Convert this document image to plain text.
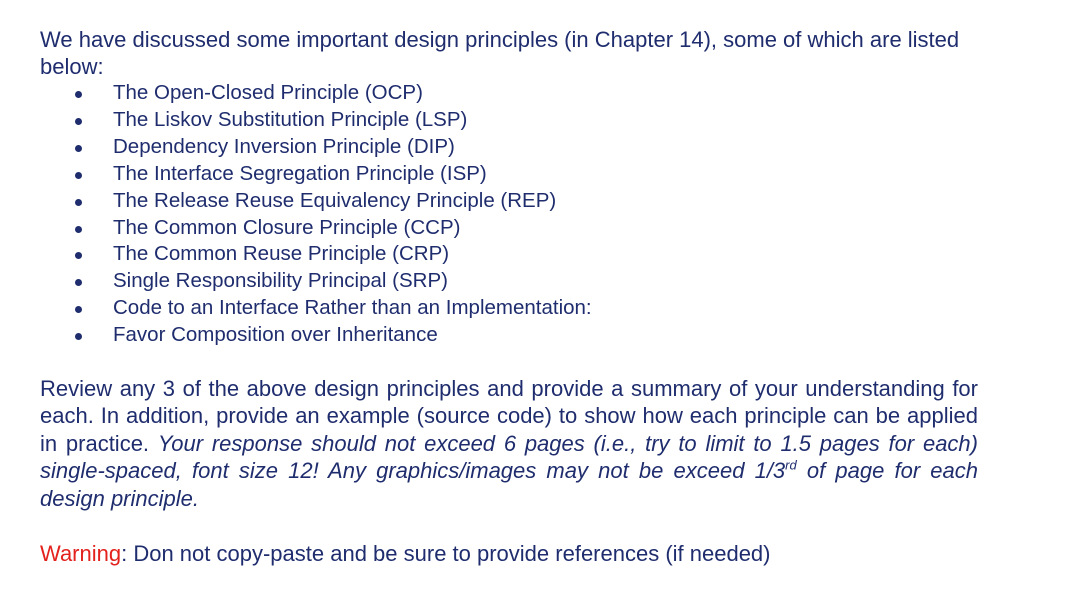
We have discussed some important design principles (in Chapter 14), some of which are listed below:

The Open-Closed Principle (OCP)
The Liskov Substitution Principle (LSP)
Dependency Inversion Principle (DIP)
The Interface Segregation Principle (ISP)
The Release Reuse Equivalency Principle (REP)
The Common Closure Principle (CCP)
The Common Reuse Principle (CRP)
Single Responsibility Principal (SRP)
Code to an Interface Rather than an Implementation:
Favor Composition over Inheritance

Review any 3 of the above design principles and provide a summary of your understanding for each. In addition, provide an example (source code) to show how each principle can be applied in practice. Your response should not exceed 6 pages (i.e., try to limit to 1.5 pages for each) single-spaced, font size 12! Any graphics/images may not be exceed 1/3rd of page for each design principle.

Warning: Don not copy-paste and be sure to provide references (if needed)
